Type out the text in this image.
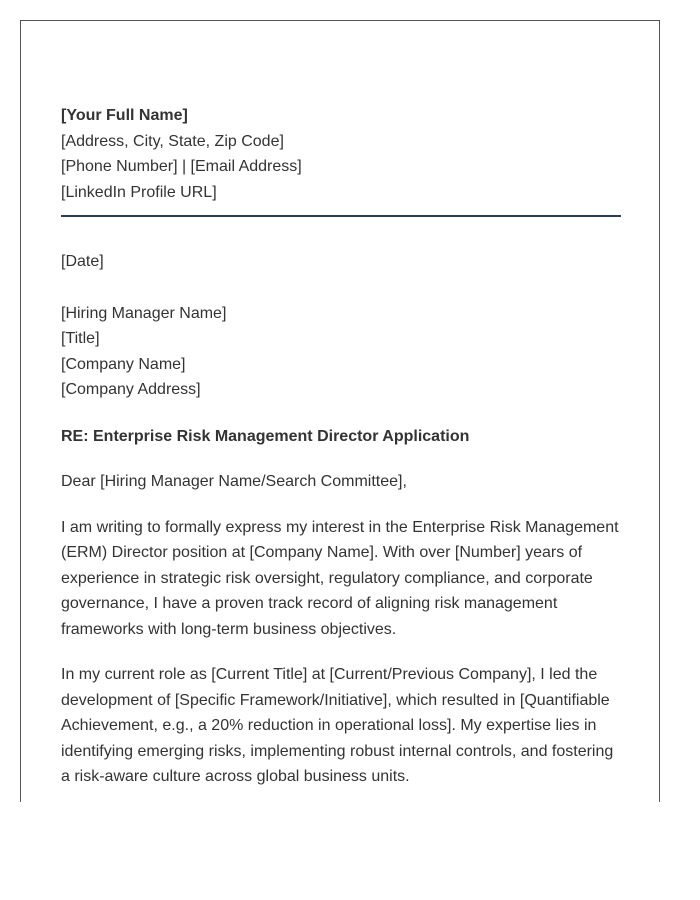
[Your Full Name]
[Address, City, State, Zip Code]
[Phone Number] | [Email Address]
[LinkedIn Profile URL]
[Date]
[Hiring Manager Name]
[Title]
[Company Name]
[Company Address]
RE: Enterprise Risk Management Director Application
Dear [Hiring Manager Name/Search Committee],
I am writing to formally express my interest in the Enterprise Risk Management
(ERM) Director position at [Company Name]. With over [Number] years of
experience in strategic risk oversight, regulatory compliance, and corporate
governance, I have a proven track record of aligning risk management
frameworks with long-term business objectives.
In my current role as [Current Title] at [Current/Previous Company], I led the
development of [Specific Framework/Initiative], which resulted in [Quantifiable
Achievement, e.g., a 20% reduction in operational loss]. My expertise lies in
identifying emerging risks, implementing robust internal controls, and fostering
a risk-aware culture across global business units.
